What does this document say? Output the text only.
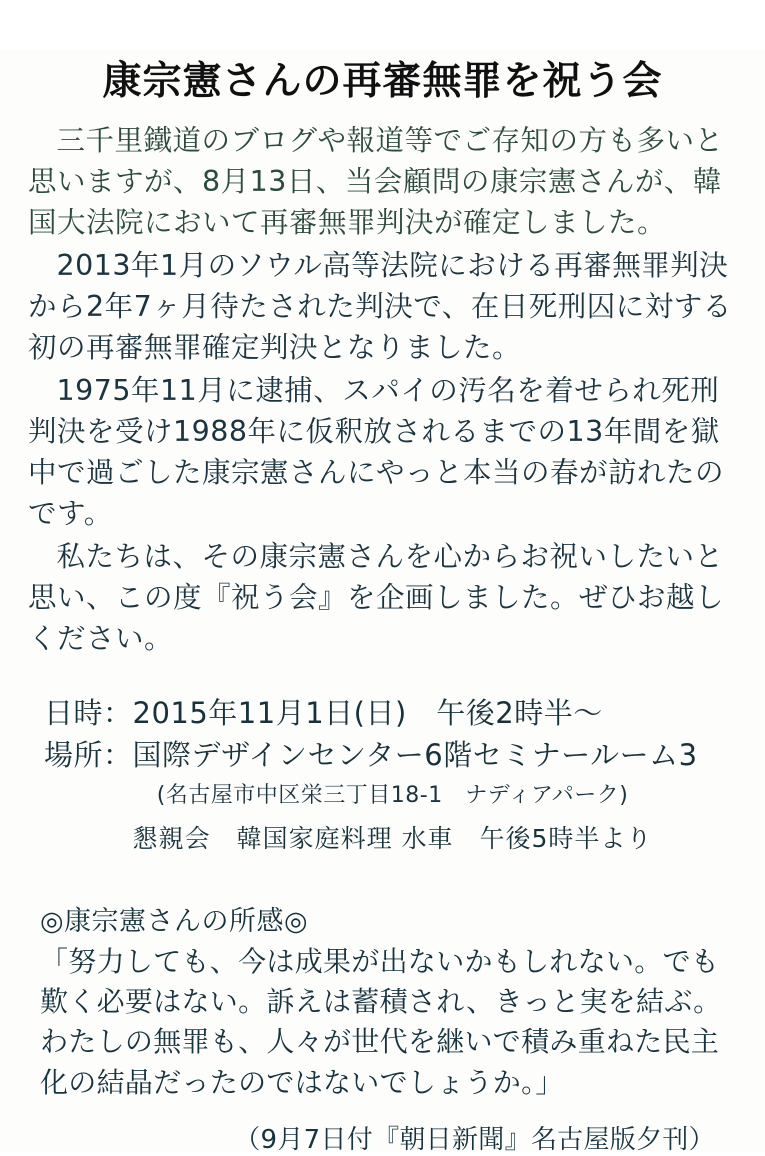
康宗憲さんの再審無罪を祝う会

三千里鐵道のブログや報道等でご存知の方も多いと思いますが、8月13日、当会顧問の康宗憲さんが、韓国大法院において再審無罪判決が確定しました。

2013年1月のソウル高等法院における再審無罪判決から2年7ヶ月待たされた判決で、在日死刑囚に対する初の再審無罪確定判決となりました。

1975年11月に逮捕、スパイの汚名を着せられ死刑判決を受け1988年に仮釈放されるまでの13年間を獄中で過ごした康宗憲さんにやっと本当の春が訪れたのです。

私たちは、その康宗憲さんを心からお祝いしたいと思い、この度『祝う会』を企画しました。ぜひお越しください。

日時：2015年11月1日(日)　午後2時半〜
場所：国際デザインセンター6階セミナールーム3
(名古屋市中区栄三丁目18-1　ナディアパーク)
懇親会　韓国家庭料理 水車　午後5時半より
◎康宗憲さんの所感◎
「努力しても、今は成果が出ないかもしれない。でも歎く必要はない。訴えは蓄積され、きっと実を結ぶ。わたしの無罪も、人々が世代を継いで積み重ねた民主化の結晶だったのではないでしょうか。」
（9月7日付『朝日新聞』名古屋版夕刊）
